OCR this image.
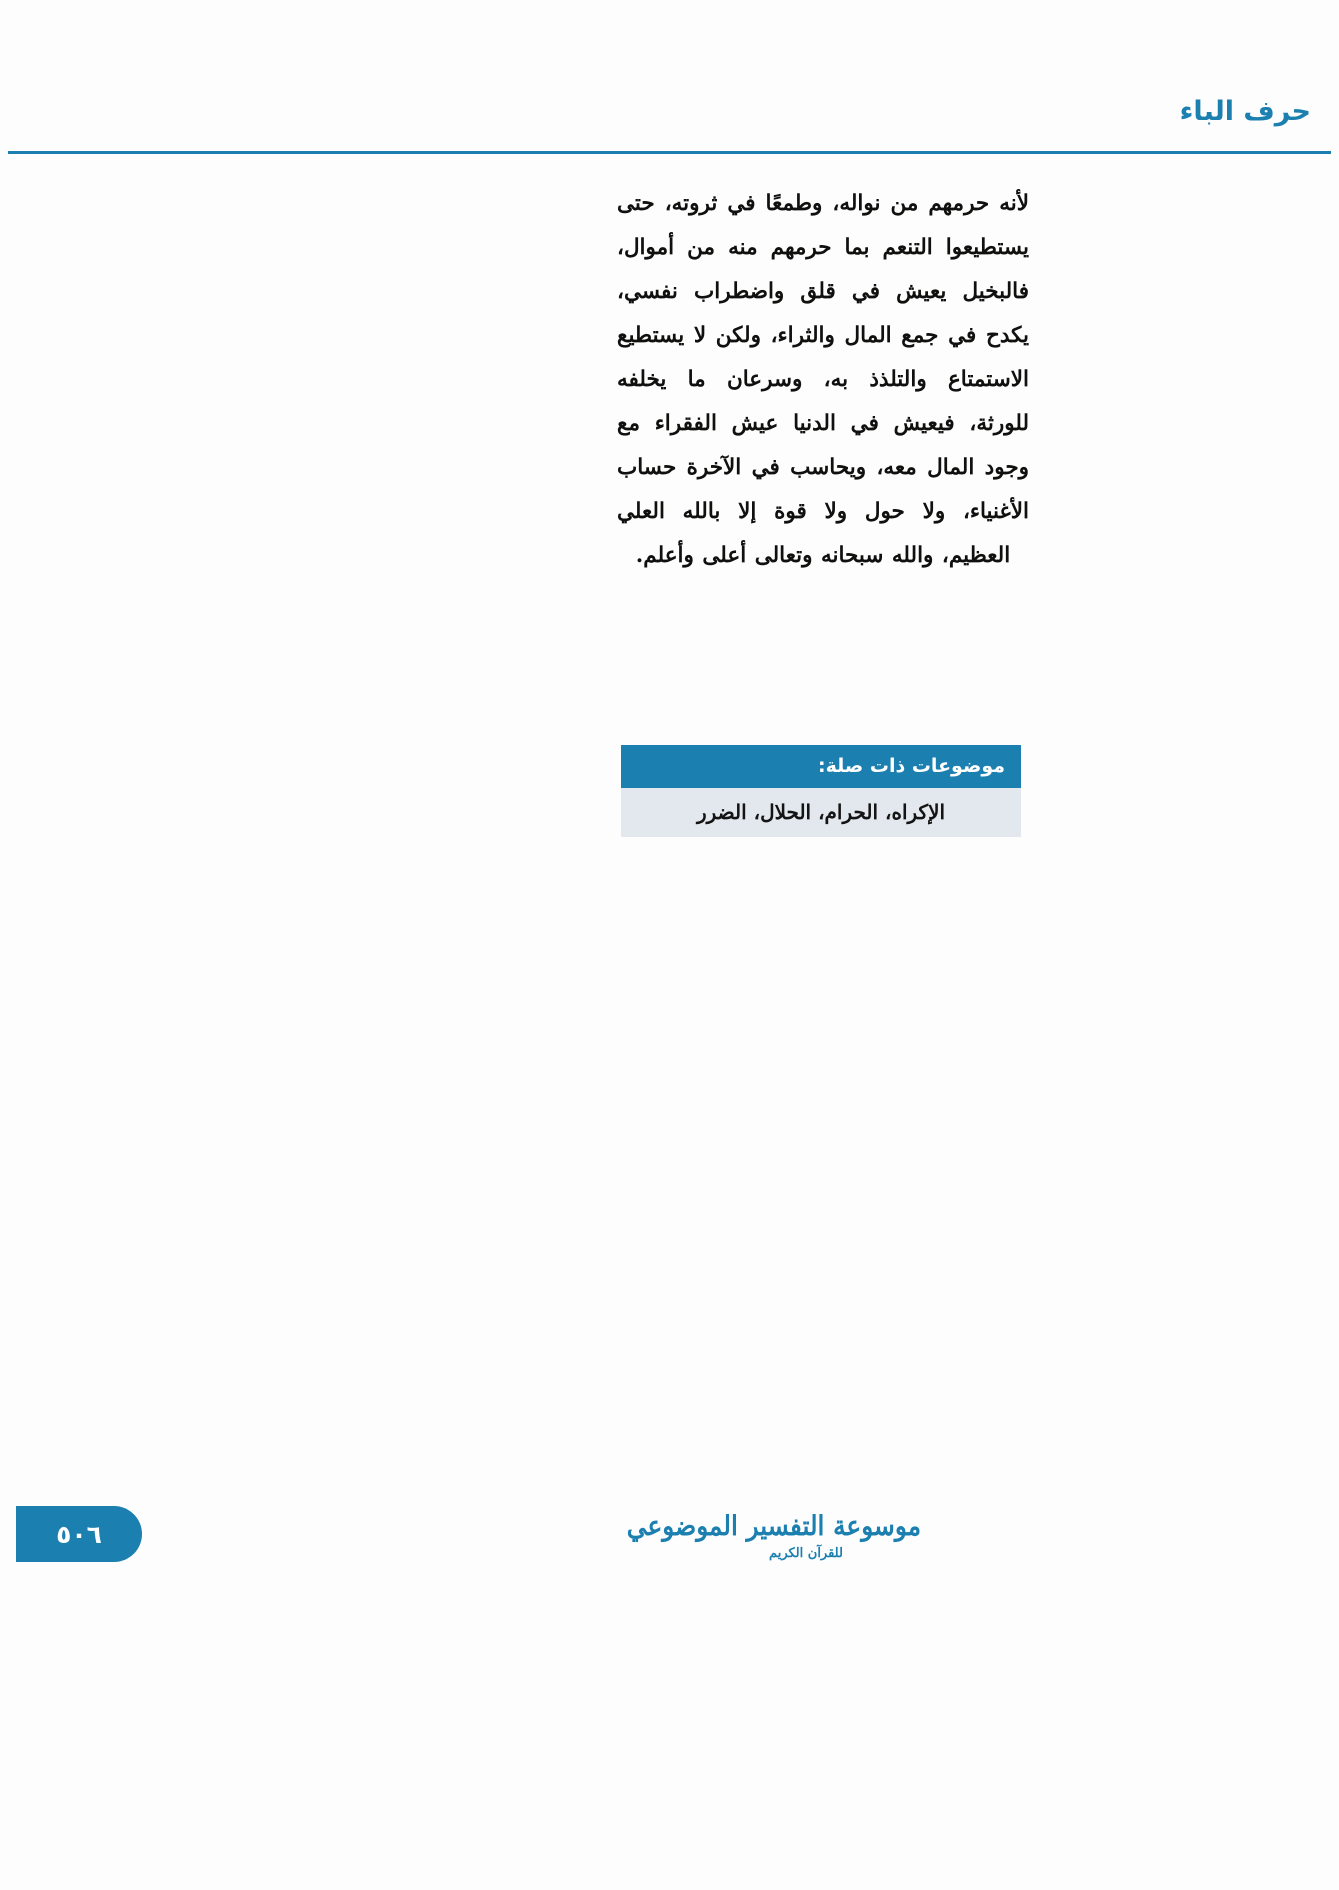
حرف الباء
لأنه حرمهم من نواله، وطمعًا في ثروته، حتى يستطيعوا التنعم بما حرمهم منه من أموال، فالبخيل يعيش في قلق واضطراب نفسي، يكدح في جمع المال والثراء، ولكن لا يستطيع الاستمتاع والتلذذ به، وسرعان ما يخلفه للورثة، فيعيش في الدنيا عيش الفقراء مع وجود المال معه، ويحاسب في الآخرة حساب الأغنياء، ولا حول ولا قوة إلا بالله العلي العظيم، والله سبحانه وتعالى أعلى وأعلم.
موضوعات ذات صلة:
الإكراه، الحرام، الحلال، الضرر
موسوعة التفسير الموضوعي
للقرآن الكريم
٥٠٦
